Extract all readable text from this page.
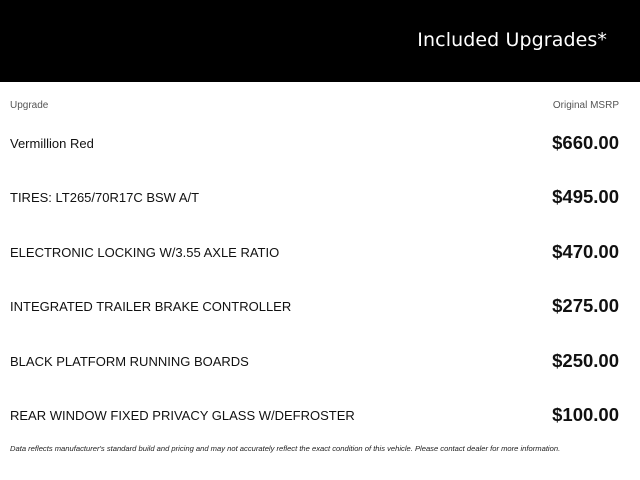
Included Upgrades*
Upgrade	Original MSRP
Vermillion Red	$660.00
TIRES: LT265/70R17C BSW A/T	$495.00
ELECTRONIC LOCKING W/3.55 AXLE RATIO	$470.00
INTEGRATED TRAILER BRAKE CONTROLLER	$275.00
BLACK PLATFORM RUNNING BOARDS	$250.00
REAR WINDOW FIXED PRIVACY GLASS W/DEFROSTER	$100.00
Data reflects manufacturer's standard build and pricing and may not accurately reflect the exact condition of this vehicle. Please contact dealer for more information.
